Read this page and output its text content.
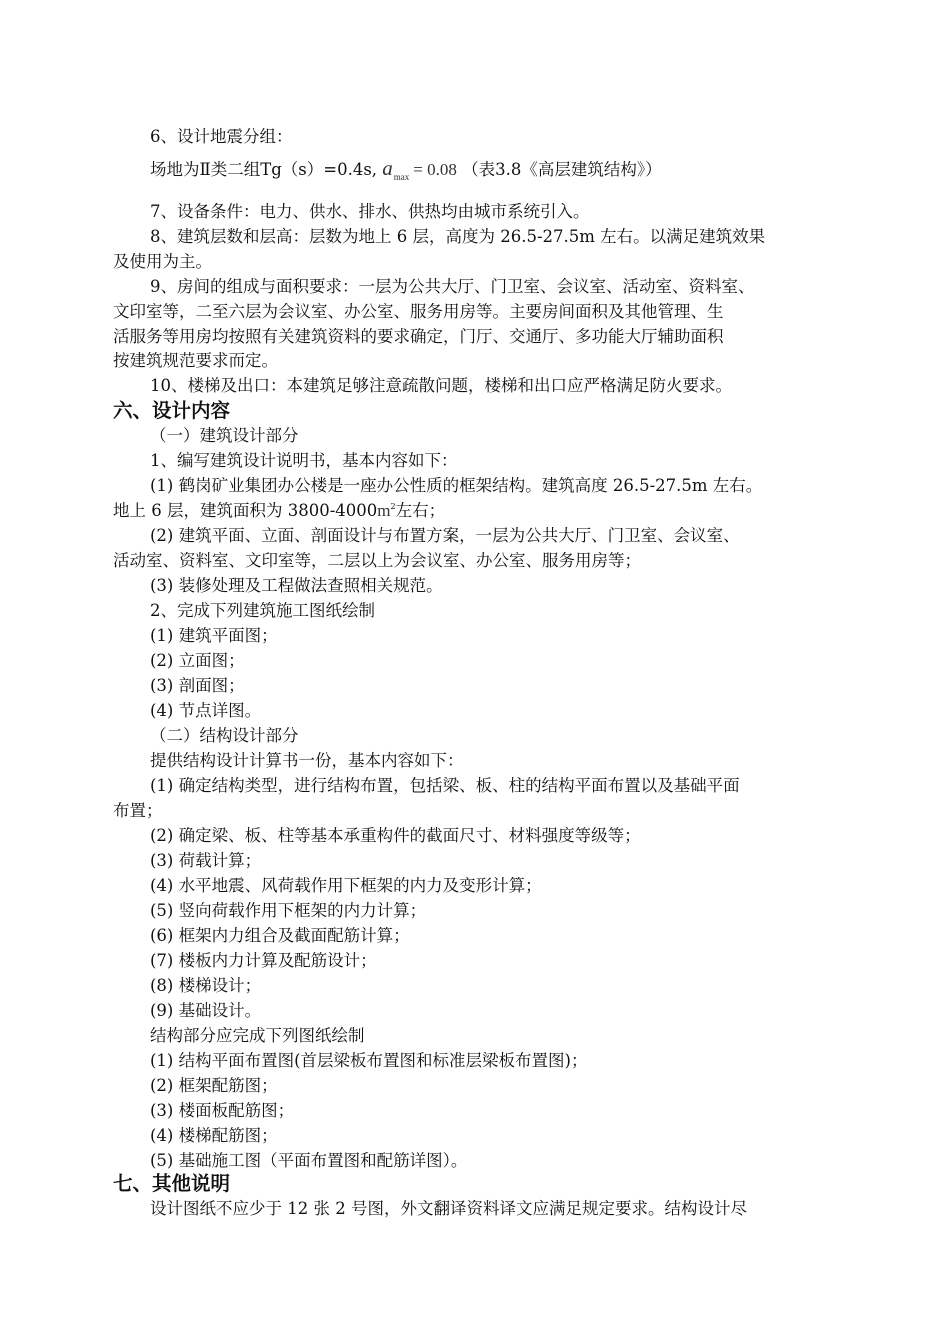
6、设计地震分组：
场地为Ⅱ类二组Tg（s）=0.4s, $a_{max} = 0.08$ （表3.8《高层建筑结构》）
7、设备条件：电力、供水、排水、供热均由城市系统引入。
8、建筑层数和层高：层数为地上 6 层，高度为 26.5-27.5m 左右。以满足建筑效果
及使用为主。
9、房间的组成与面积要求：一层为公共大厅、门卫室、会议室、活动室、资料室、
文印室等，二至六层为会议室、办公室、服务用房等。主要房间面积及其他管理、生
活服务等用房均按照有关建筑资料的要求确定，门厅、交通厅、多功能大厅辅助面积
按建筑规范要求而定。
10、楼梯及出口：本建筑足够注意疏散问题，楼梯和出口应严格满足防火要求。
六、设计内容
（一）建筑设计部分
1、编写建筑设计说明书，基本内容如下：
(1) 鹤岗矿业集团办公楼是一座办公性质的框架结构。建筑高度 26.5-27.5m 左右。
地上 6 层，建筑面积为 $3800-4000m^2$左右；
(2) 建筑平面、立面、剖面设计与布置方案，一层为公共大厅、门卫室、会议室、
活动室、资料室、文印室等，二层以上为会议室、办公室、服务用房等；
(3) 装修处理及工程做法查照相关规范。
2、完成下列建筑施工图纸绘制
(1) 建筑平面图；
(2) 立面图；
(3) 剖面图；
(4) 节点详图。
（二）结构设计部分
提供结构设计计算书一份，基本内容如下：
(1) 确定结构类型，进行结构布置，包括梁、板、柱的结构平面布置以及基础平面
布置；
(2) 确定梁、板、柱等基本承重构件的截面尺寸、材料强度等级等；
(3) 荷载计算；
(4) 水平地震、风荷载作用下框架的内力及变形计算；
(5) 竖向荷载作用下框架的内力计算；
(6) 框架内力组合及截面配筋计算；
(7) 楼板内力计算及配筋设计；
(8) 楼梯设计；
(9) 基础设计。
结构部分应完成下列图纸绘制
(1) 结构平面布置图(首层梁板布置图和标准层梁板布置图)；
(2) 框架配筋图；
(3) 楼面板配筋图；
(4) 楼梯配筋图；
(5) 基础施工图（平面布置图和配筋详图）。
七、其他说明
设计图纸不应少于 12 张 2 号图，外文翻译资料译文应满足规定要求。结构设计尽
